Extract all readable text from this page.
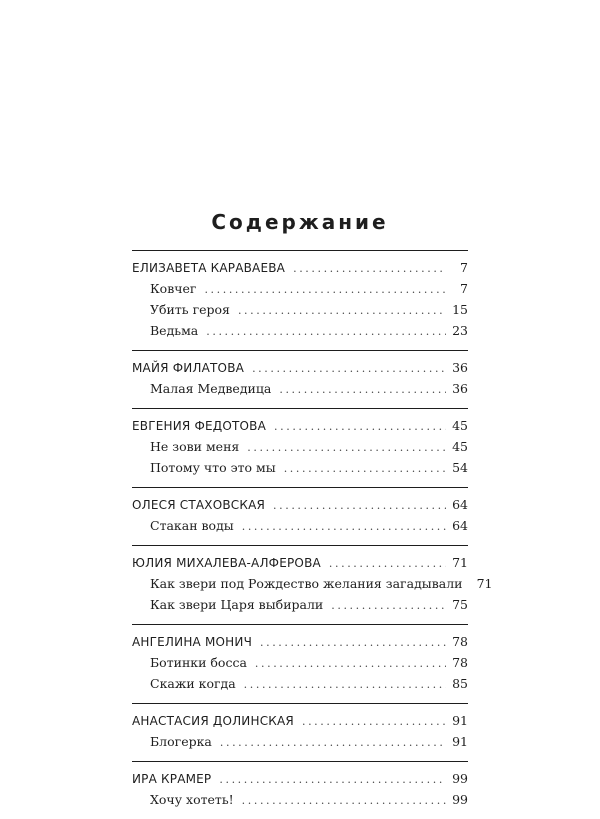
Содержание
ЕЛИЗАВЕТА КАРАВАЕВА .....	7
Ковчег .....	7
Убить героя .....	15
Ведьма .....	23
МАЙЯ ФИЛАТОВА .....	36
Малая Медведица .....	36
ЕВГЕНИЯ ФЕДОТОВА .....	45
Не зови меня .....	45
Потому что это мы .....	54
ОЛЕСЯ СТАХОВСКАЯ .....	64
Стакан воды .....	64
ЮЛИЯ МИХАЛЕВА-АЛФЕРОВА .....	71
Как звери под Рождество желания загадывали 71
Как звери Царя выбирали .....	75
АНГЕЛИНА МОНИЧ .....	78
Ботинки босса .....	78
Скажи когда .....	85
АНАСТАСИЯ ДОЛИНСКАЯ .....	91
Блогерка .....	91
ИРА КРАМЕР .....	99
Хочу хотеть! .....	99
